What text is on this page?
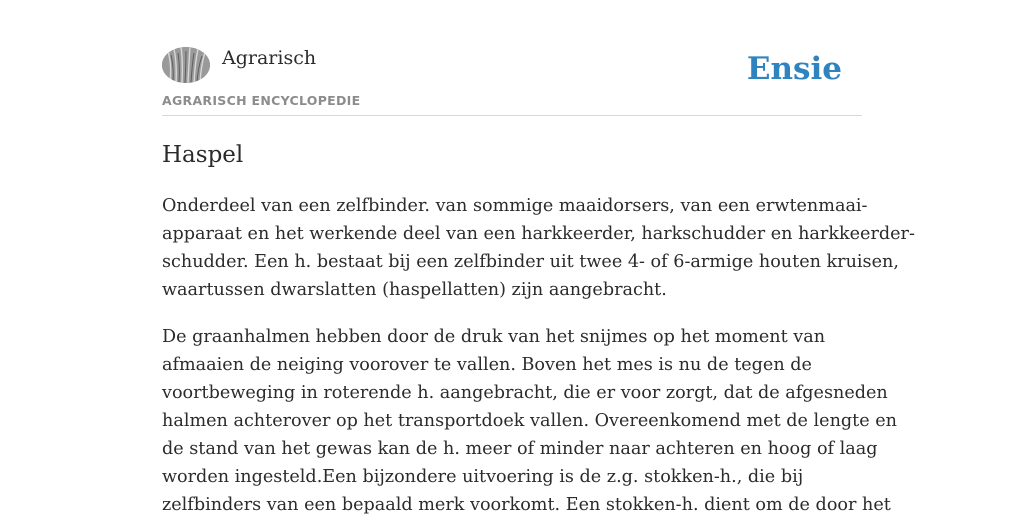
Agrarisch
AGRARISCH ENCYCLOPEDIE
Ensie
Haspel

Onderdeel van een zelfbinder. van sommige maaidorsers, van een erwtenmaai-
apparaat en het werkende deel van een harkkeerder, harkschudder en harkkeerder-
schudder. Een h. bestaat bij een zelfbinder uit twee 4- of 6-armige houten kruisen,
waartussen dwarslatten (haspellatten) zijn aangebracht.

De graanhalmen hebben door de druk van het snijmes op het moment van
afmaaien de neiging voorover te vallen. Boven het mes is nu de tegen de
voortbeweging in roterende h. aangebracht, die er voor zorgt, dat de afgesneden
halmen achterover op het transportdoek vallen. Overeenkomend met de lengte en
de stand van het gewas kan de h. meer of minder naar achteren en hoog of laag
worden ingesteld.Een bijzondere uitvoering is de z.g. stokken-h., die bij
zelfbinders van een bepaald merk voorkomt. Een stokken-h. dient om de door het
